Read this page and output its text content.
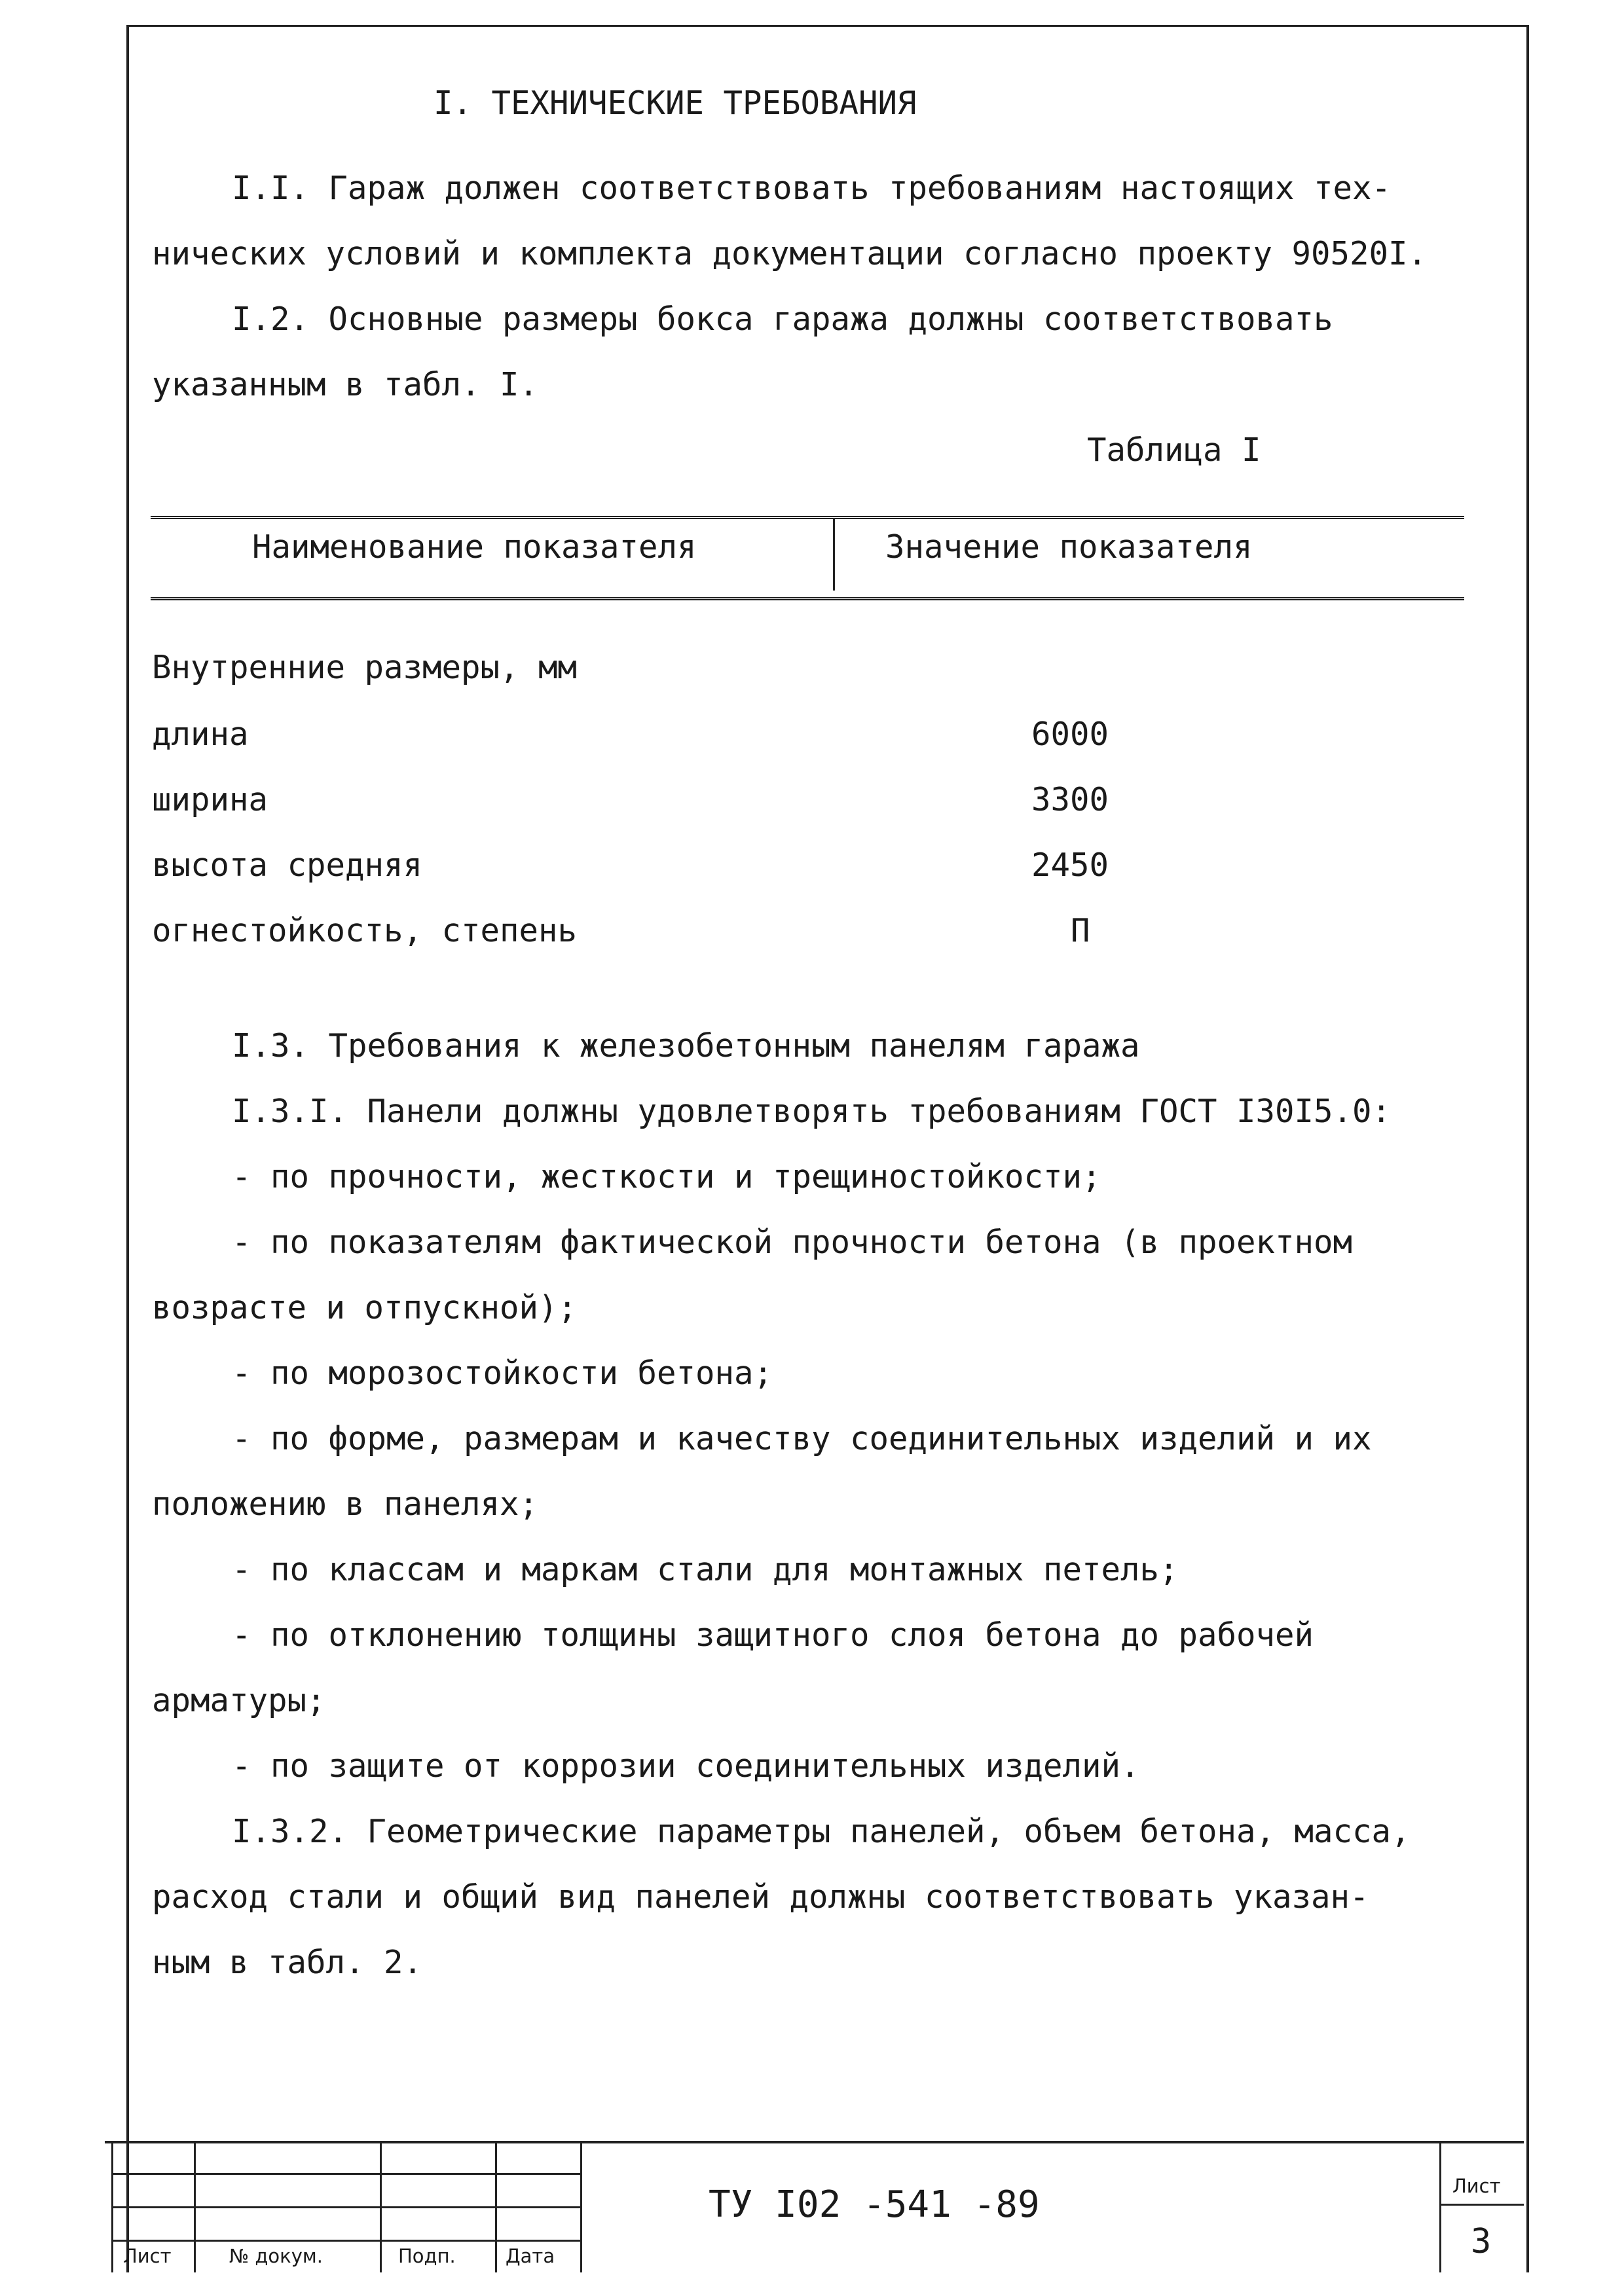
I. ТЕХНИЧЕСКИЕ ТРЕБОВАНИЯ
I.I. Гараж должен соответствовать требованиям настоящих тех-
нических условий и комплекта документации согласно проекту 90520I.
I.2. Основные размеры бокса гаража должны соответствовать
указанным в табл. I.
Таблица I
Наименование показателя	Значение показателя
Внутренние размеры, мм
длина	6000
ширина	3300
высота средняя	2450
огнестойкость, степень	П
I.3. Требования к железобетонным панелям гаража
I.3.I. Панели должны удовлетворять требованиям ГОСТ I30I5.0:
- по прочности, жесткости и трещиностойкости;
- по показателям фактической прочности бетона (в проектном
возрасте и отпускной);
- по морозостойкости бетона;
- по форме, размерам и качеству соединительных изделий и их
положению в панелях;
- по классам и маркам стали для монтажных петель;
- по отклонению толщины защитного слоя бетона до рабочей
арматуры;
- по защите от коррозии соединительных изделий.
I.3.2. Геометрические параметры панелей, объем бетона, масса,
расход стали и общий вид панелей должны соответствовать указан-
ным в табл. 2.
Лист	№ докум.	Подп.	Дата
ТУ I02 -541 -89	Лист
3
